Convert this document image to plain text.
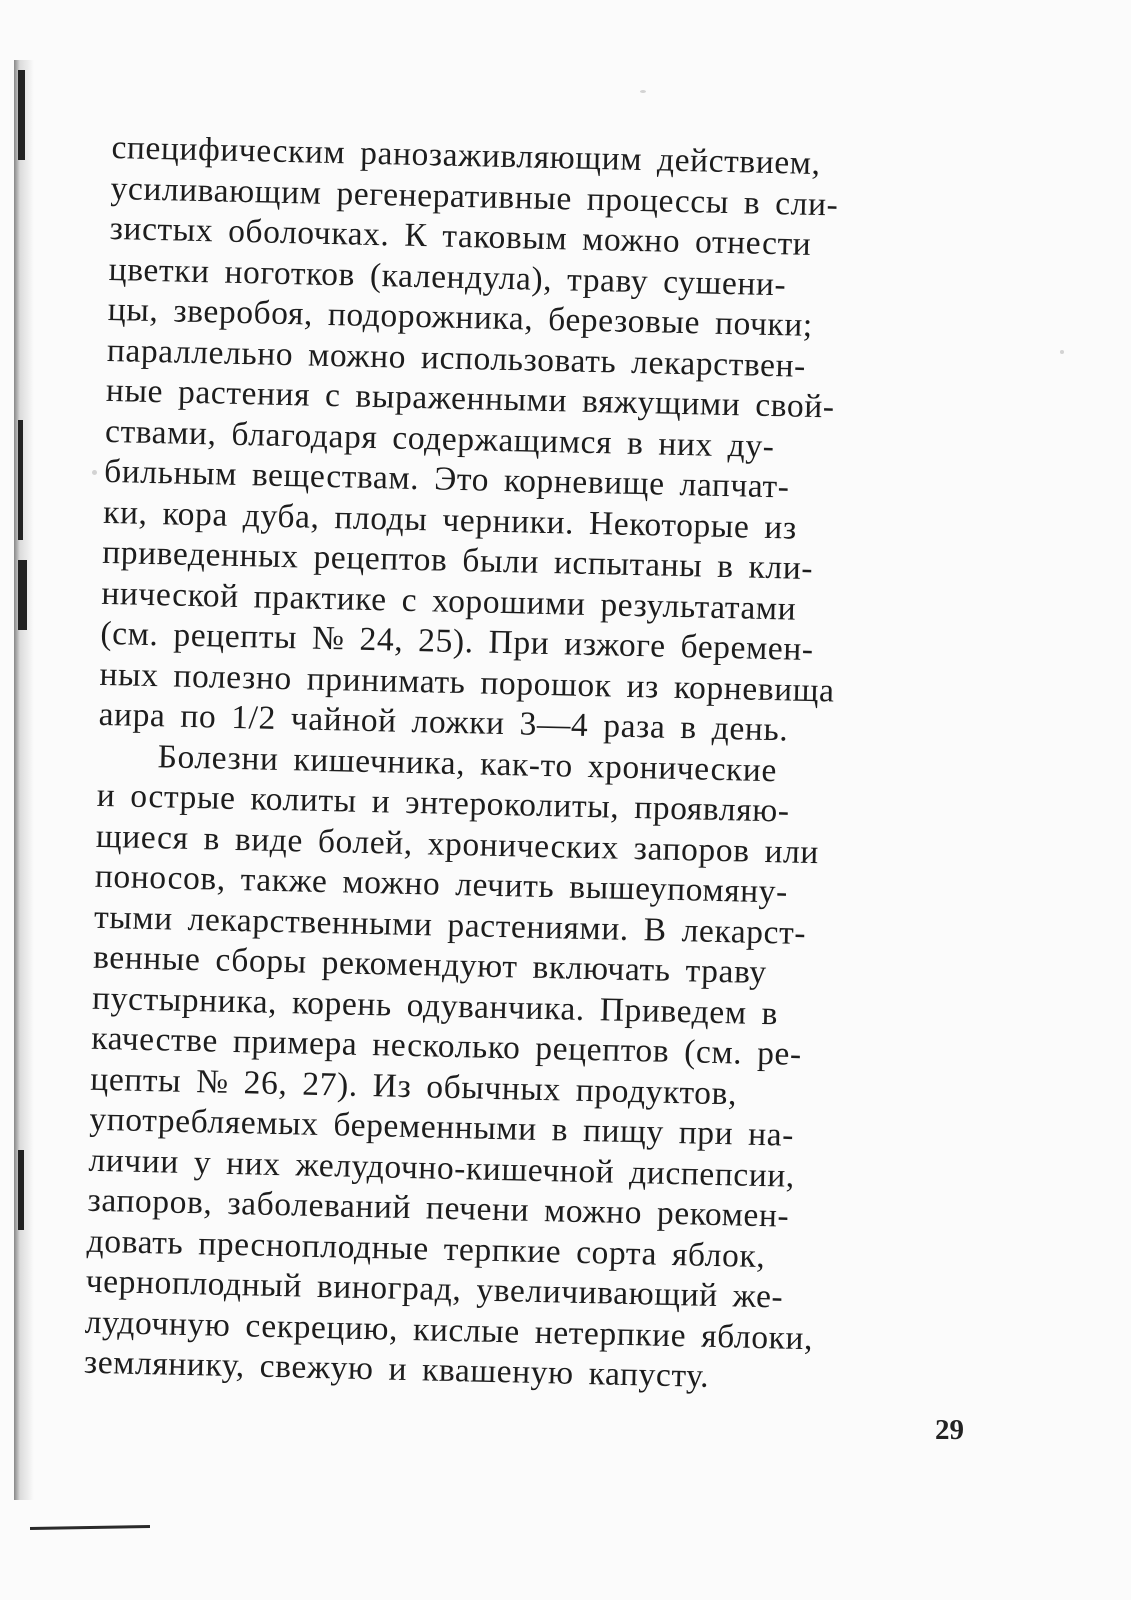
специфическим ранозаживляющим действием,
усиливающим регенеративные процессы в сли-
зистых оболочках. К таковым можно отнести
цветки ноготков (календула), траву сушени-
цы, зверобоя, подорожника, березовые почки;
параллельно можно использовать лекарствен-
ные растения с выраженными вяжущими свой-
ствами, благодаря содержащимся в них ду-
бильным веществам. Это корневище лапчат-
ки, кора дуба, плоды черники. Некоторые из
приведенных рецептов были испытаны в кли-
нической практике с хорошими результатами
(см. рецепты № 24, 25). При изжоге беремен-
ных полезно принимать порошок из корневища
аира по 1/2 чайной ложки 3—4 раза в день.
Болезни кишечника, как-то хронические
и острые колиты и энтероколиты, проявляю-
щиеся в виде болей, хронических запоров или
поносов, также можно лечить вышеупомяну-
тыми лекарственными растениями. В лекарст-
венные сборы рекомендуют включать траву
пустырника, корень одуванчика. Приведем в
качестве примера несколько рецептов (см. ре-
цепты № 26, 27). Из обычных продуктов,
употребляемых беременными в пищу при на-
личии у них желудочно-кишечной диспепсии,
запоров, заболеваний печени можно рекомен-
довать пресноплодные терпкие сорта яблок,
черноплодный виноград, увеличивающий же-
лудочную секрецию, кислые нетерпкие яблоки,
землянику, свежую и квашеную капусту.
29
